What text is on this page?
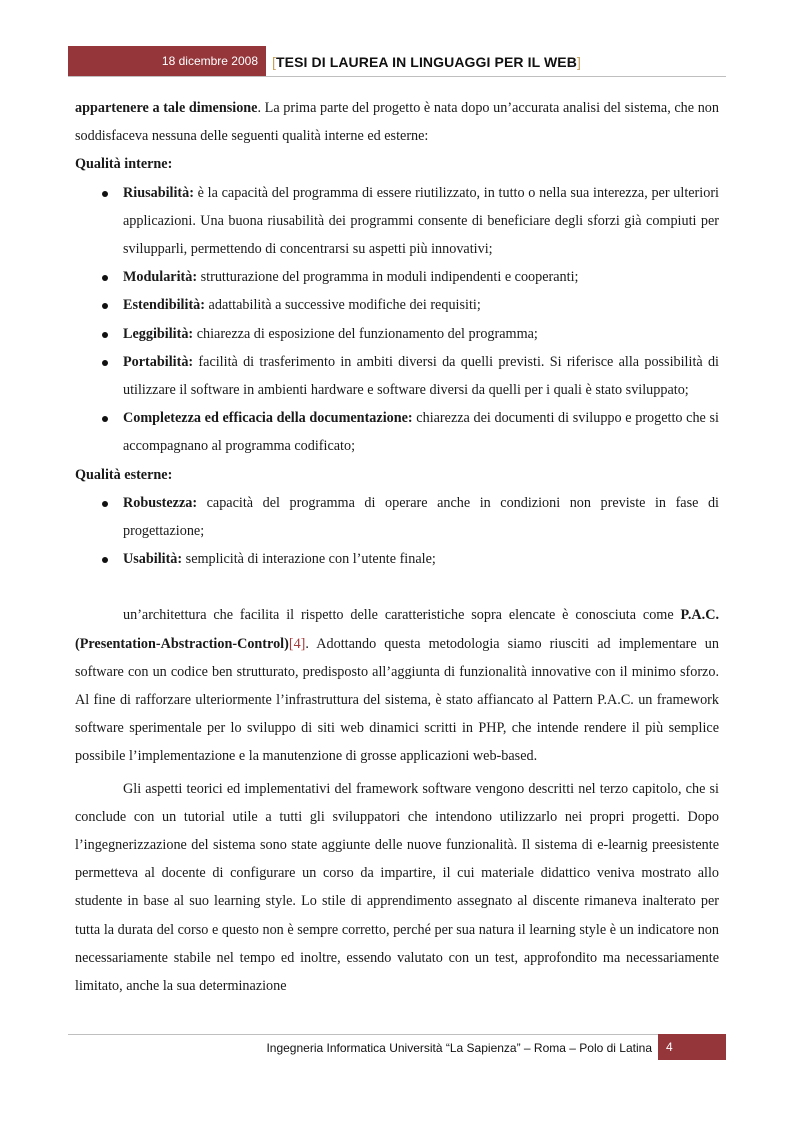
18 dicembre 2008 [TESI DI LAUREA IN LINGUAGGI PER IL WEB]

appartenere a tale dimensione. La prima parte del progetto è nata dopo un’accurata analisi del sistema, che non soddisfaceva nessuna delle seguenti qualità interne ed esterne:

Qualità interne:

Riusabilità: è la capacità del programma di essere riutilizzato, in tutto o nella sua interezza, per ulteriori applicazioni. Una buona riusabilità dei programmi consente di beneficiare degli sforzi già compiuti per svilupparli, permettendo di concentrarsi su aspetti più innovativi;
Modularità: strutturazione del programma in moduli indipendenti e cooperanti;
Estendibilità: adattabilità a successive modifiche dei requisiti;
Leggibilità: chiarezza di esposizione del funzionamento del programma;
Portabilità: facilità di trasferimento in ambiti diversi da quelli previsti. Si riferisce alla possibilità di utilizzare il software in ambienti hardware e software diversi da quelli per i quali è stato sviluppato;
Completezza ed efficacia della documentazione: chiarezza dei documenti di sviluppo e progetto che si accompagnano al programma codificato;

Qualità esterne:

Robustezza: capacità del programma di operare anche in condizioni non previste in fase di progettazione;
Usabilità: semplicità di interazione con l’utente finale;

un’architettura che facilita il rispetto delle caratteristiche sopra elencate è conosciuta come P.A.C. (Presentation-Abstraction-Control)[4]. Adottando questa metodologia siamo riusciti ad implementare un software con un codice ben strutturato, predisposto all’aggiunta di funzionalità innovative con il minimo sforzo. Al fine di rafforzare ulteriormente l’infrastruttura del sistema, è stato affiancato al Pattern P.A.C. un framework software sperimentale per lo sviluppo di siti web dinamici scritti in PHP, che intende rendere il più semplice possibile l’implementazione e la manutenzione di grosse applicazioni web-based.

Gli aspetti teorici ed implementativi del framework software vengono descritti nel terzo capitolo, che si conclude con un tutorial utile a tutti gli sviluppatori che intendono utilizzarlo nei propri progetti. Dopo l’ingegnerizzazione del sistema sono state aggiunte delle nuove funzionalità. Il sistema di e-learnig preesistente permetteva al docente di configurare un corso da impartire, il cui materiale didattico veniva mostrato allo studente in base al suo learning style. Lo stile di apprendimento assegnato al discente rimaneva inalterato per tutta la durata del corso e questo non è sempre corretto, perché per sua natura il learning style è un indicatore non necessariamente stabile nel tempo ed inoltre, essendo valutato con un test, approfondito ma necessariamente limitato, anche la sua determinazione

Ingegneria Informatica Università “La Sapienza” – Roma – Polo di Latina 4
